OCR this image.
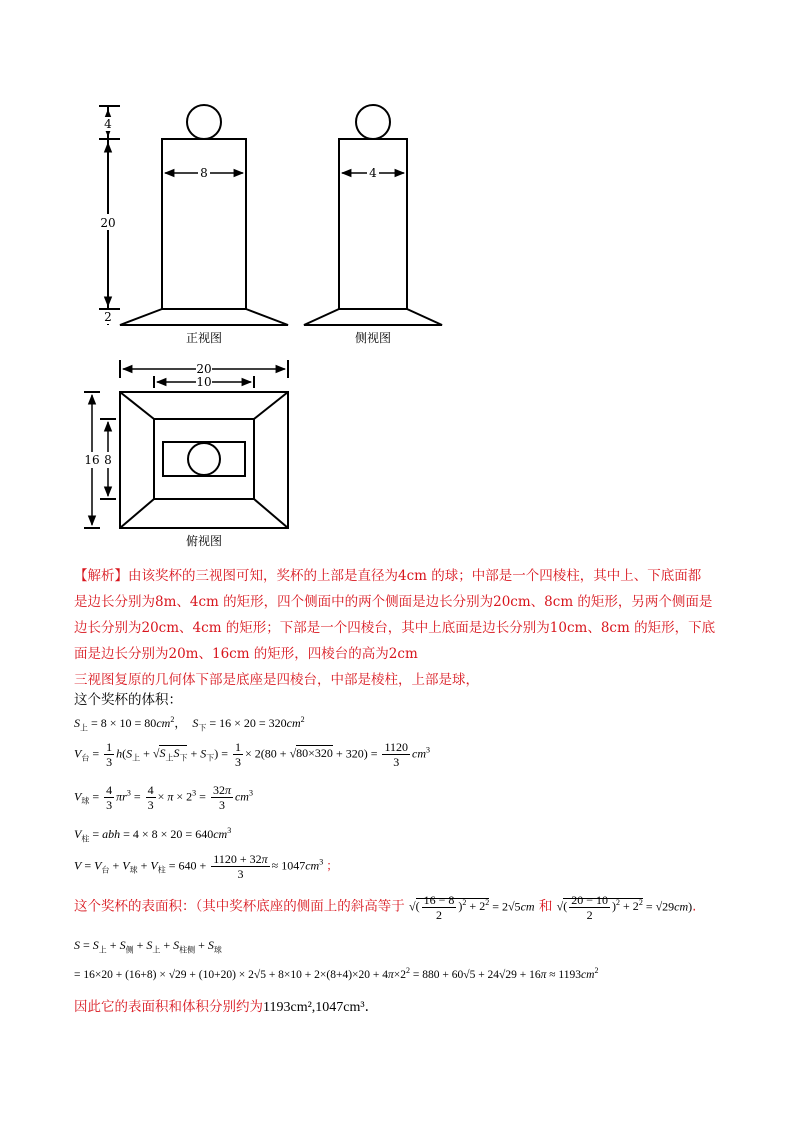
4
20
2
8
正视图
4
侧视图
20
10
16 8
俯视图
【解析】由该奖杯的三视图可知，奖杯的上部是直径为4cm 的球；中部是一个四棱柱，其中上、下底面都
是边长分别为8m、4cm 的矩形，四个侧面中的两个侧面是边长分别为20cm、8cm 的矩形，另两个侧面是
边长分别为20cm、4cm 的矩形；下部是一个四棱台，其中上底面是边长分别为10cm、8cm 的矩形，下底
面是边长分别为20m、16cm 的矩形，四棱台的高为2cm
三视图复原的几何体下部是底座是四棱台，中部是棱柱，上部是球，
这个奖杯的体积：
$S_上 = 8 \times 10 = 80cm^2$，  $S_下 = 16 \times 20 = 320cm^2$
$V_台 = \frac{1}{3} h(S_上 + √S_上S_下 + S_下) = \frac{1}{3} \times 2(80 + √80\times 320 + 320) = \frac{1120}{3} cm^3$
$V_球 = \frac{4}{3} \pi r^3 = \frac{4}{3} \times \pi \times 2^3 = \frac{32\pi}{3} cm^3$
$V_柱$ = abh = $4 \times 8 \times 20 = 640cm^3$
$V = V_台 + V_球 + V_柱 = 640 + \frac{1120 + 32\pi}{3} \approx 1047cm^3$ ；
这个奖杯的表面积：（其中奖杯底座的侧面上的斜高等于 √( $\frac{16 - 8}{2} )^2 + 2^2 = 2√5cm$ 和 √( $\frac{20 - 10}{2} )^2 + 2^2 = √29cm$).
$S = S_上 + S_侧 + S_上 + S_{柱侧} + S_球$
= $16\times 20 + (16+8) \times √29 + (10+20) \times 2√5 + 8\times 10 + 2\times(8+4)\times 20 + 4\pi\times 2^2 = 880 + 60√5 + 24√29 + 16\pi \approx 1193cm^2$
因此它的表面积和体积分别约为1193cm²,1047cm³.
